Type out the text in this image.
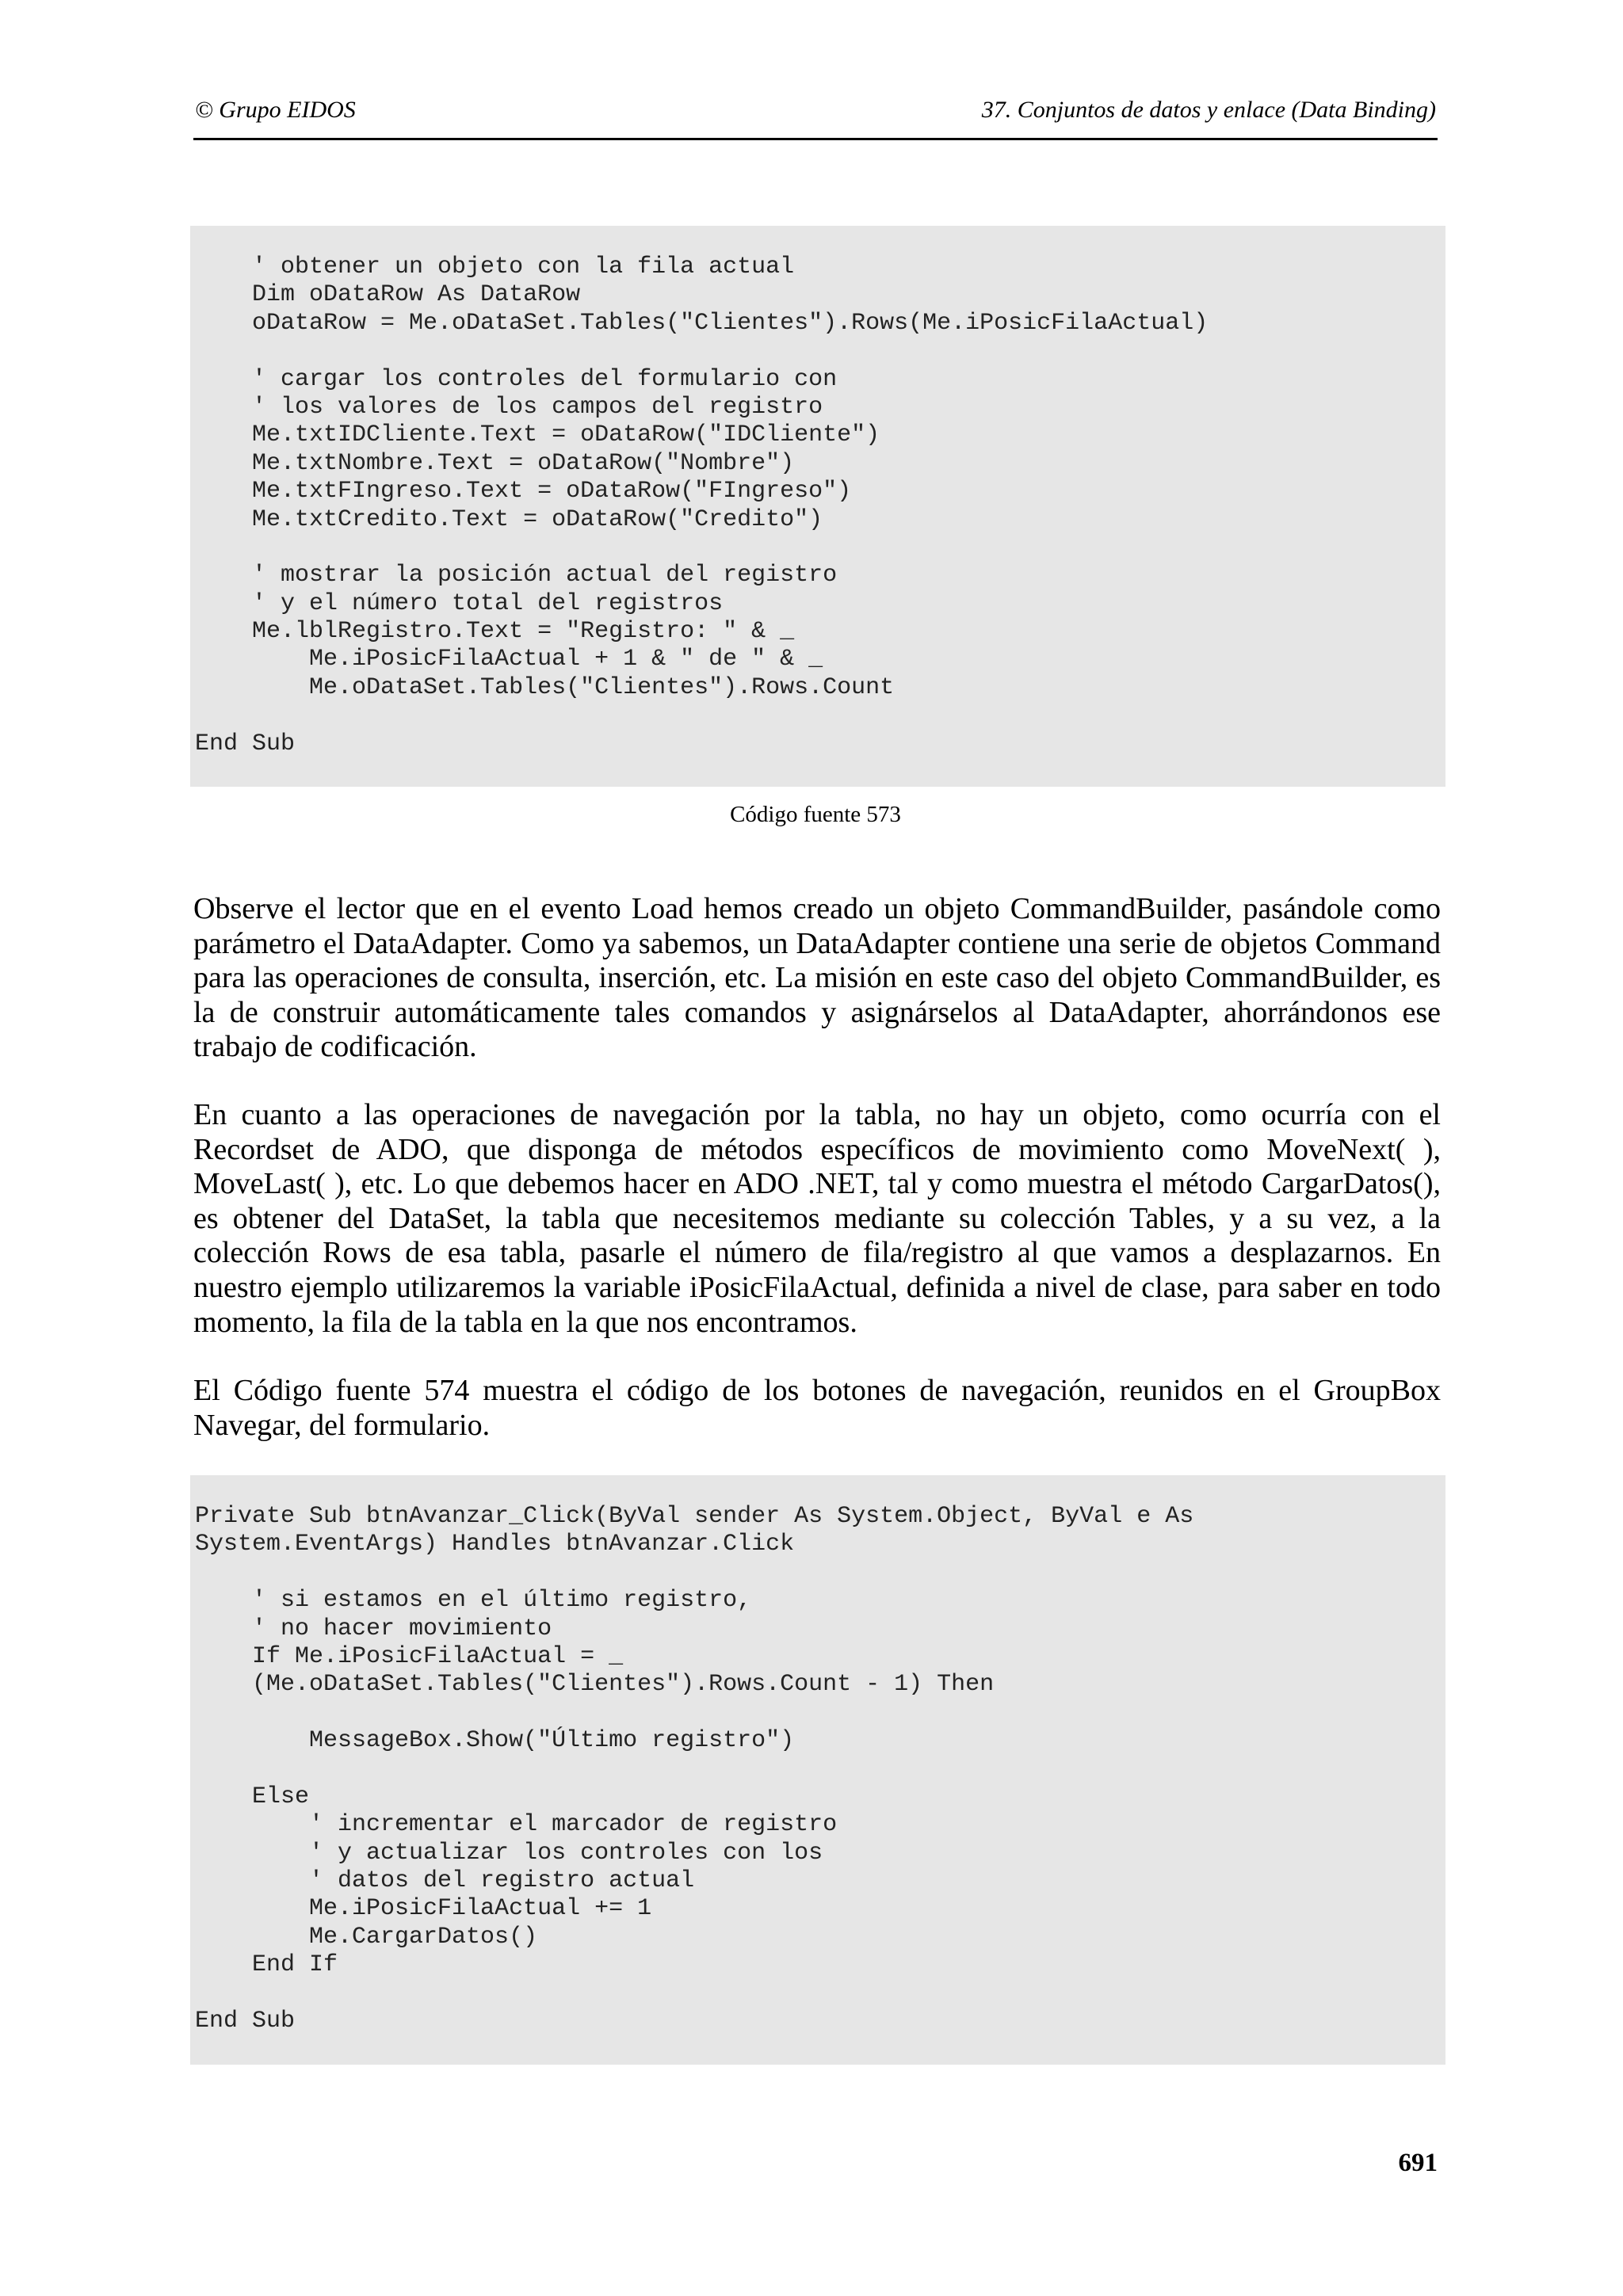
© Grupo EIDOS	37. Conjuntos de datos y enlace (Data Binding)
' obtener un objeto con la fila actual
Dim oDataRow As DataRow
oDataRow = Me.oDataSet.Tables("Clientes").Rows(Me.iPosicFilaActual)
' cargar los controles del formulario con
' los valores de los campos del registro
Me.txtIDCliente.Text = oDataRow("IDCliente")
Me.txtNombre.Text = oDataRow("Nombre")
Me.txtFIngreso.Text = oDataRow("FIngreso")
Me.txtCredito.Text = oDataRow("Credito")
' mostrar la posición actual del registro
' y el número total del registros
Me.lblRegistro.Text = "Registro: " & _
Me.iPosicFilaActual + 1 & " de " & _
Me.oDataSet.Tables("Clientes").Rows.Count
End Sub
Código fuente 573

Observe el lector que en el evento Load hemos creado un objeto CommandBuilder, pasándole como parámetro el DataAdapter. Como ya sabemos, un DataAdapter contiene una serie de objetos Command para las operaciones de consulta, inserción, etc. La misión en este caso del objeto CommandBuilder, es la de construir automáticamente tales comandos y asignárselos al DataAdapter, ahorrándonos ese trabajo de codificación.

En cuanto a las operaciones de navegación por la tabla, no hay un objeto, como ocurría con el Recordset de ADO, que disponga de métodos específicos de movimiento como MoveNext( ), MoveLast( ), etc. Lo que debemos hacer en ADO .NET, tal y como muestra el método CargarDatos(), es obtener del DataSet, la tabla que necesitemos mediante su colección Tables, y a su vez, a la colección Rows de esa tabla, pasarle el número de fila/registro al que vamos a desplazarnos. En nuestro ejemplo utilizaremos la variable iPosicFilaActual, definida a nivel de clase, para saber en todo momento, la fila de la tabla en la que nos encontramos.

El Código fuente 574 muestra el código de los botones de navegación, reunidos en el GroupBox Navegar, del formulario.

Private Sub btnAvanzar_Click(ByVal sender As System.Object, ByVal e As
System.EventArgs) Handles btnAvanzar.Click
' si estamos en el último registro,
' no hacer movimiento
If Me.iPosicFilaActual = _
(Me.oDataSet.Tables("Clientes").Rows.Count - 1) Then
MessageBox.Show("Último registro")
Else
' incrementar el marcador de registro
' y actualizar los controles con los
' datos del registro actual
Me.iPosicFilaActual += 1
Me.CargarDatos()
End If
End Sub
691
